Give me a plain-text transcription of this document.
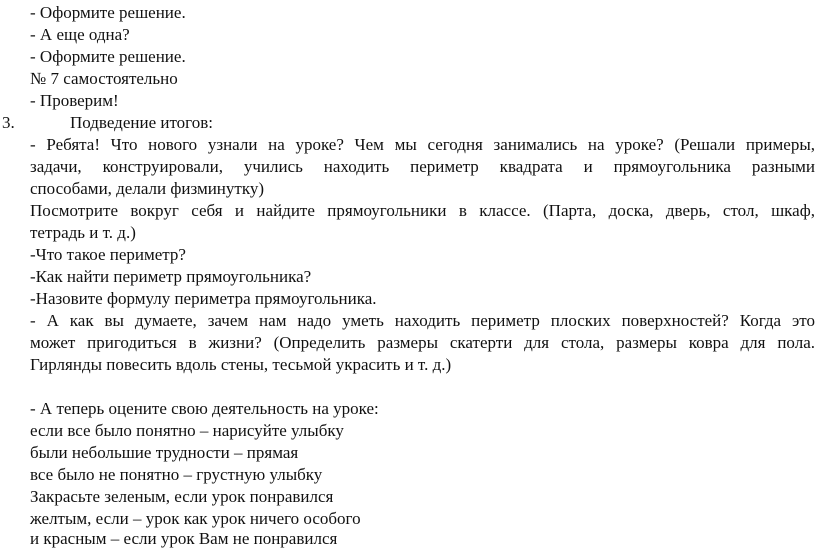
- Оформите решение.
- А еще одна?
- Оформите решение.
№ 7 самостоятельно
- Проверим!
3.	Подведение итогов:
- Ребята! Что нового узнали на уроке? Чем мы сегодня занимались на уроке? (Решали примеры,
задачи, конструировали, учились находить периметр квадрата и прямоугольника разными
способами, делали физминутку)
Посмотрите вокруг себя и найдите прямоугольники в классе. (Парта, доска, дверь, стол, шкаф,
тетрадь и т. д.)
-Что такое периметр?
-Как найти периметр прямоугольника?
-Назовите формулу периметра прямоугольника.
- А как вы думаете, зачем нам надо уметь находить периметр плоских поверхностей? Когда это
может пригодиться в жизни? (Определить размеры скатерти для стола, размеры ковра для пола.
Гирлянды повесить вдоль стены, тесьмой украсить и т. д.)
- А теперь оцените свою деятельность на уроке:
если все было понятно – нарисуйте улыбку
были небольшие трудности – прямая
все было не понятно – грустную улыбку
Закрасьте зеленым, если урок понравился
желтым, если – урок как урок ничего особого
и красным – если урок Вам не понравился
